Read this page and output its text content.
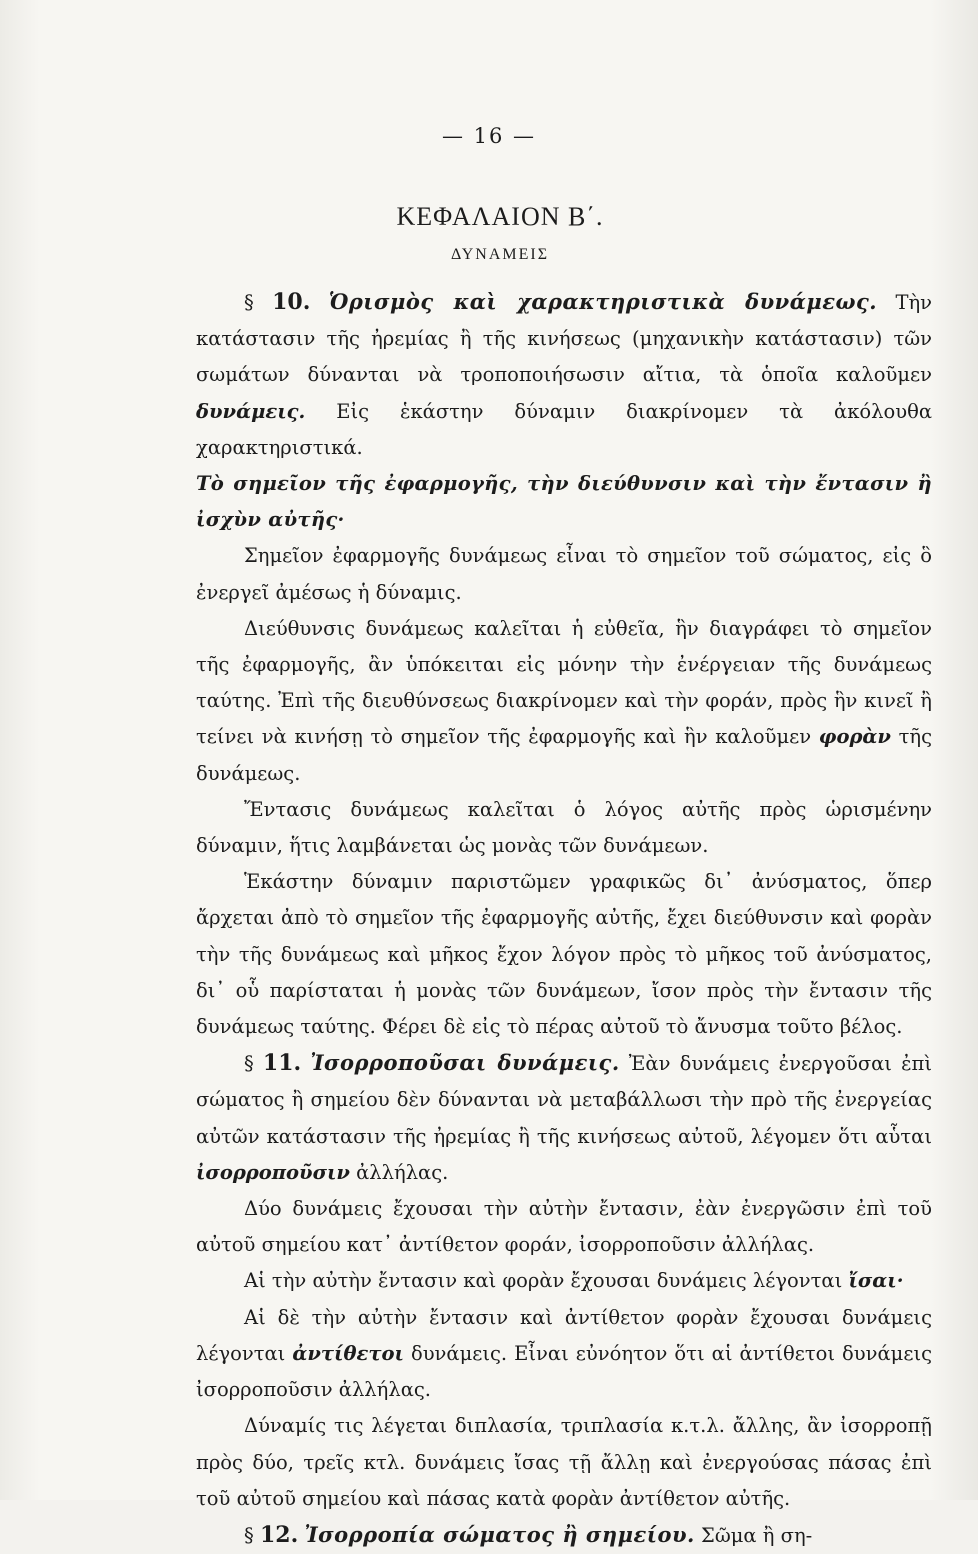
— 16 —
ΚΕΦΑΛΑΙΟΝ Β΄.
ΔΥΝΑΜΕΙΣ

§ 10. Ὁρισμὸς καὶ χαρακτηριστικὰ δυνάμεως. Τὴν κατάστασιν τῆς ἠρεμίας ἢ τῆς κινήσεως (μηχανικὴν κατάστασιν) τῶν σωμάτων δύνανται νὰ τροποποιήσωσιν αἴτια, τὰ ὁποῖα καλοῦμεν δυνάμεις. Εἰς ἑκάστην δύναμιν διακρίνομεν τὰ ἀκόλουθα χαρακτηριστικά.

Τὸ σημεῖον τῆς ἐφαρμογῆς, τὴν διεύθυνσιν καὶ τὴν ἔντασιν ἢ ἰσχὺν αὐτῆς·

Σημεῖον ἐφαρμογῆς δυνάμεως εἶναι τὸ σημεῖον τοῦ σώματος, εἰς ὃ ἐνεργεῖ ἀμέσως ἡ δύναμις.

Διεύθυνσις δυνάμεως καλεῖται ἡ εὐθεῖα, ἣν διαγράφει τὸ σημεῖον τῆς ἐφαρμογῆς, ἂν ὑπόκειται εἰς μόνην τὴν ἐνέργειαν τῆς δυνάμεως ταύτης. Ἐπὶ τῆς διευθύνσεως διακρίνομεν καὶ τὴν φοράν, πρὸς ἣν κινεῖ ἢ τείνει νὰ κινήσῃ τὸ σημεῖον τῆς ἐφαρμογῆς καὶ ἣν καλοῦμεν φορὰν τῆς δυνάμεως.

Ἔντασις δυνάμεως καλεῖται ὁ λόγος αὐτῆς πρὸς ὡρισμένην δύναμιν, ἥτις λαμβάνεται ὡς μονὰς τῶν δυνάμεων.

Ἑκάστην δύναμιν παριστῶμεν γραφικῶς δι᾿ ἀνύσματος, ὅπερ ἄρχεται ἀπὸ τὸ σημεῖον τῆς ἐφαρμογῆς αὐτῆς, ἔχει διεύθυνσιν καὶ φορὰν τὴν τῆς δυνάμεως καὶ μῆκος ἔχον λόγον πρὸς τὸ μῆκος τοῦ ἀνύσματος, δι᾿ οὗ παρίσταται ἡ μονὰς τῶν δυνάμεων, ἴσον πρὸς τὴν ἔντασιν τῆς δυνάμεως ταύτης. Φέρει δὲ εἰς τὸ πέρας αὐτοῦ τὸ ἄνυσμα τοῦτο βέλος.

§ 11. Ἰσορροποῦσαι δυνάμεις. Ἐὰν δυνάμεις ἐνεργοῦσαι ἐπὶ σώματος ἢ σημείου δὲν δύνανται νὰ μεταβάλλωσι τὴν πρὸ τῆς ἐνεργείας αὐτῶν κατάστασιν τῆς ἠρεμίας ἢ τῆς κινήσεως αὐτοῦ, λέγομεν ὅτι αὗται ἰσορροποῦσιν ἀλλήλας.

Δύο δυνάμεις ἔχουσαι τὴν αὐτὴν ἔντασιν, ἐὰν ἐνεργῶσιν ἐπὶ τοῦ αὐτοῦ σημείου κατ᾿ ἀντίθετον φοράν, ἰσορροποῦσιν ἀλλήλας.

Αἱ τὴν αὐτὴν ἔντασιν καὶ φορὰν ἔχουσαι δυνάμεις λέγονται ἴσαι·

Αἱ δὲ τὴν αὐτὴν ἔντασιν καὶ ἀντίθετον φορὰν ἔχουσαι δυνάμεις λέγονται ἀντίθετοι δυνάμεις. Εἶναι εὐνόητον ὅτι αἱ ἀντίθετοι δυνάμεις ἰσορροποῦσιν ἀλλήλας.

Δύναμίς τις λέγεται διπλασία, τριπλασία κ.τ.λ. ἄλλης, ἂν ἰσορροπῇ πρὸς δύο, τρεῖς κτλ. δυνάμεις ἴσας τῇ ἄλλῃ καὶ ἐνεργούσας πάσας ἐπὶ τοῦ αὐτοῦ σημείου καὶ πάσας κατὰ φορὰν ἀντίθετον αὐτῆς.

§ 12. Ἰσορροπία σώματος ἢ σημείου. Σῶμα ἢ ση-
